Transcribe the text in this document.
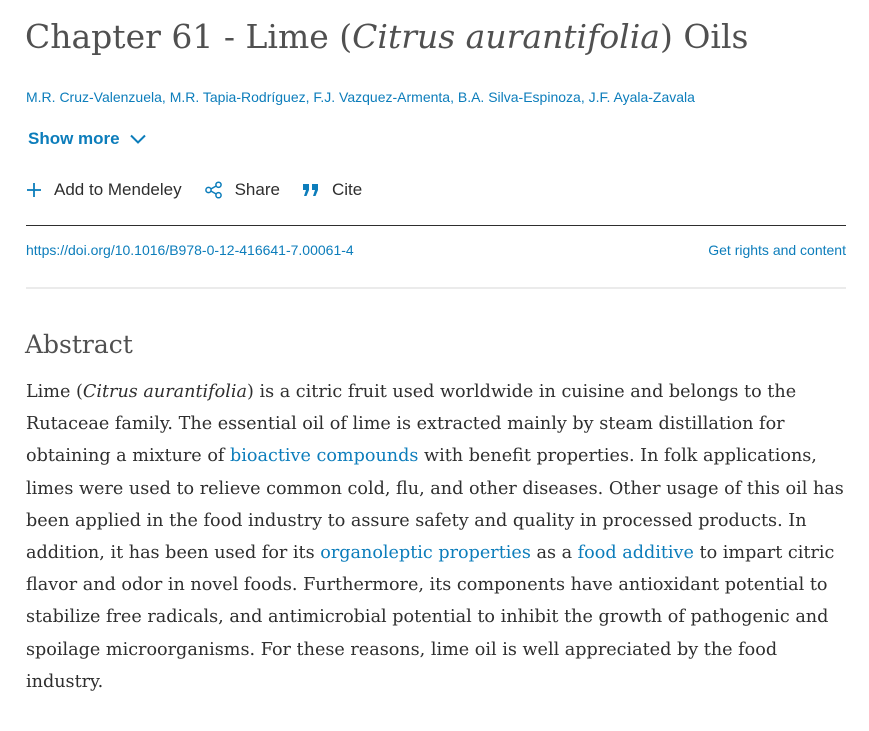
Chapter 61 - Lime (Citrus aurantifolia) Oils
M.R. Cruz-Valenzuela, M.R. Tapia-Rodríguez, F.J. Vazquez-Armenta, B.A. Silva-Espinoza, J.F. Ayala-Zavala
Show more
Add to Mendeley	Share	Cite
https://doi.org/10.1016/B978-0-12-416641-7.00061-4	Get rights and content
Abstract

Lime (Citrus aurantifolia) is a citric fruit used worldwide in cuisine and belongs to the Rutaceae family. The essential oil of lime is extracted mainly by steam distillation for obtaining a mixture of bioactive compounds with benefit properties. In folk applications, limes were used to relieve common cold, flu, and other diseases. Other usage of this oil has been applied in the food industry to assure safety and quality in processed products. In addition, it has been used for its organoleptic properties as a food additive to impart citric flavor and odor in novel foods. Furthermore, its components have antioxidant potential to stabilize free radicals, and antimicrobial potential to inhibit the growth of pathogenic and spoilage microorganisms. For these reasons, lime oil is well appreciated by the food industry.
